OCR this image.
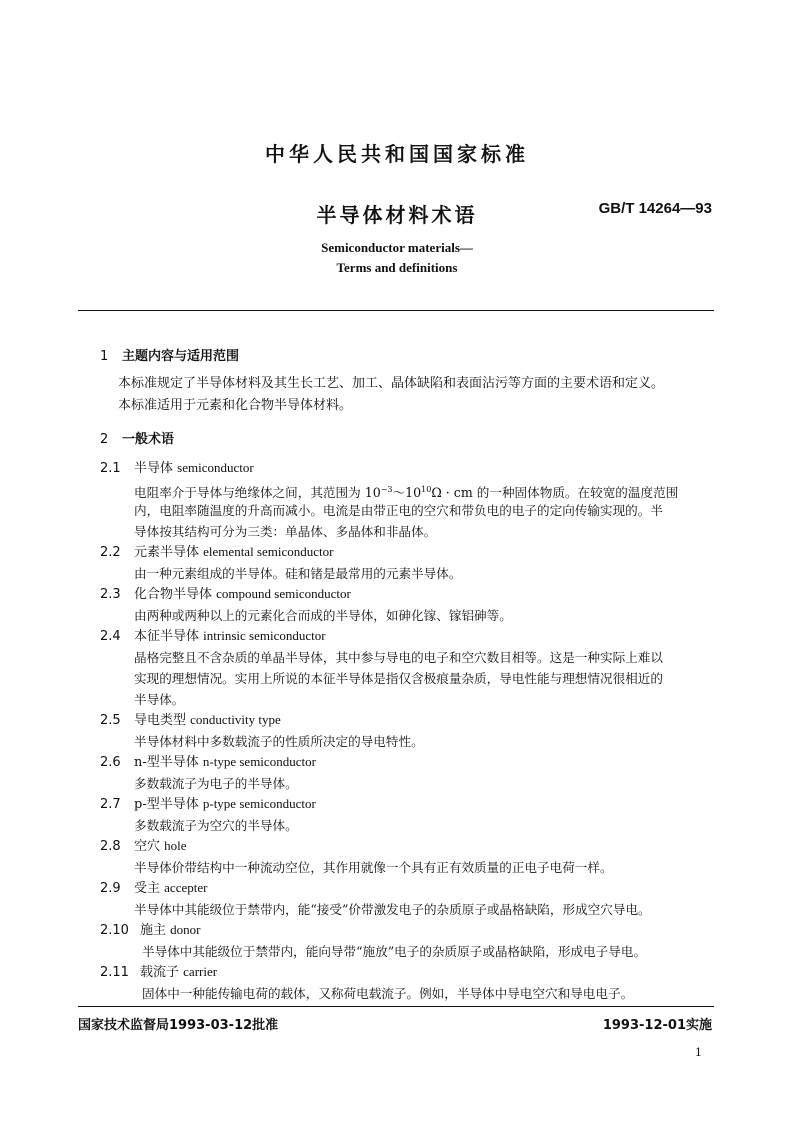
中华人民共和国国家标准
半导体材料术语	GB/T 14264—93
Semiconductor materials—
Terms and definitions
1 主题内容与适用范围
本标准规定了半导体材料及其生长工艺、加工、晶体缺陷和表面沾污等方面的主要术语和定义。
本标准适用于元素和化合物半导体材料。
2 一般术语
2.1 半导体 semiconductor
电阻率介于导体与绝缘体之间，其范围为 $10^{-3}\sim 10^{10}\Omega$ · cm 的一种固体物质。在较宽的温度范围
内，电阻率随温度的升高而减小。电流是由带正电的空穴和带负电的电子的定向传输实现的。半
导体按其结构可分为三类：单晶体、多晶体和非晶体。
2.2 元素半导体 elemental semiconductor
由一种元素组成的半导体。硅和锗是最常用的元素半导体。
2.3 化合物半导体 compound semiconductor
由两种或两种以上的元素化合而成的半导体，如砷化镓、镓铝砷等。
2.4 本征半导体 intrinsic semiconductor
晶格完整且不含杂质的单晶半导体，其中参与导电的电子和空穴数目相等。这是一种实际上难以
实现的理想情况。实用上所说的本征半导体是指仅含极痕量杂质，导电性能与理想情况很相近的
半导体。
2.5 导电类型 conductivity type
半导体材料中多数载流子的性质所决定的导电特性。
2.6 n-型半导体 n-type semiconductor
多数载流子为电子的半导体。
2.7 p-型半导体 p-type semiconductor
多数载流子为空穴的半导体。
2.8 空穴 hole
半导体价带结构中一种流动空位，其作用就像一个具有正有效质量的正电子电荷一样。
2.9 受主 accepter
半导体中其能级位于禁带内，能“接受”价带激发电子的杂质原子或晶格缺陷，形成空穴导电。
2.10 施主 donor
半导体中其能级位于禁带内，能向导带“施放”电子的杂质原子或晶格缺陷，形成电子导电。
2.11 载流子 carrier
固体中一种能传输电荷的载体，又称荷电载流子。例如，半导体中导电空穴和导电电子。
国家技术监督局1993-03-12批准	1993-12-01实施
1
